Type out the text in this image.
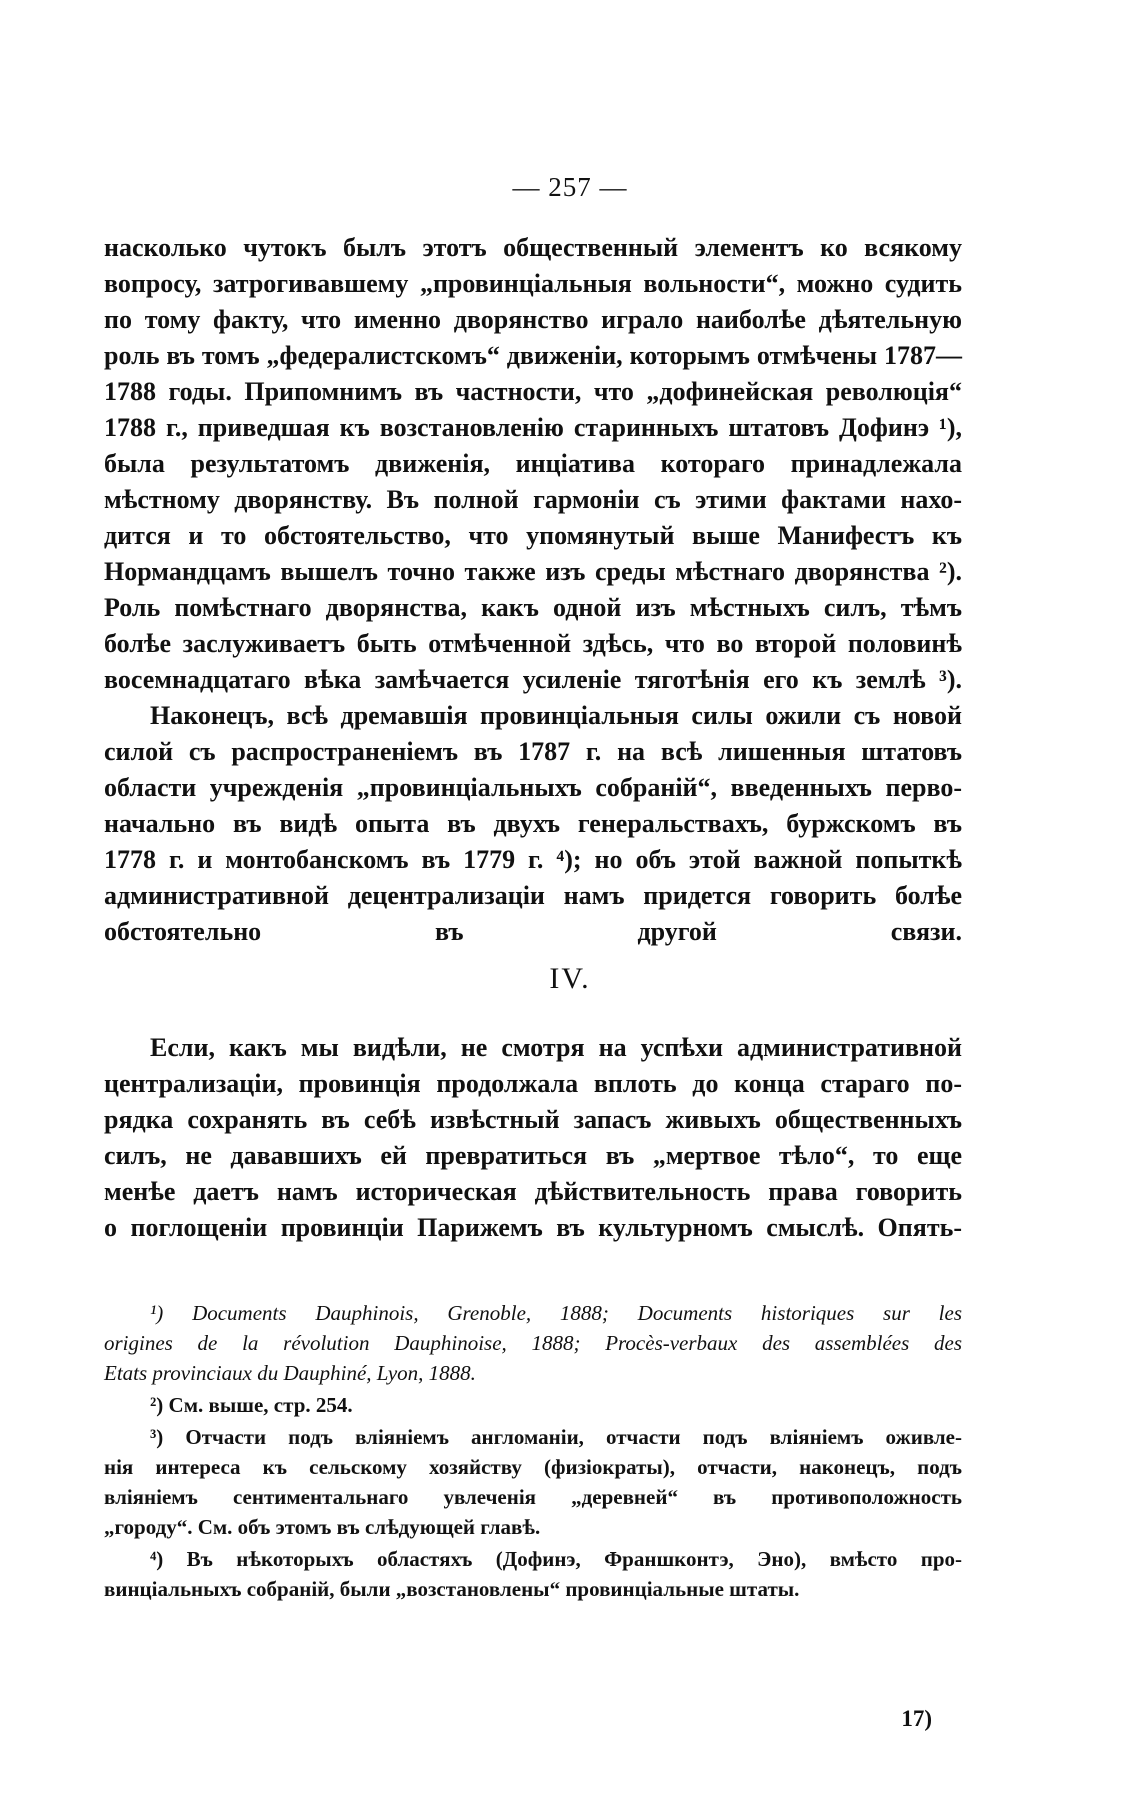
— 257 —
насколько чутокъ былъ этотъ общественный элементъ ко всякому
вопросу, затрогивавшему „провинціальныя вольности“, можно судить
по тому факту, что именно дворянство играло наиболѣе дѣятельную
роль въ томъ „федералистскомъ“ движеніи, которымъ отмѣчены 1787—
1788 годы. Припомнимъ въ частности, что „дофинейская революція“
1788 г., приведшая къ возстановленію старинныхъ штатовъ Дофинэ ¹),
была результатомъ движенія, инціатива котораго принадлежала
мѣстному дворянству. Въ полной гармоніи съ этими фактами нахо-
дится и то обстоятельство, что упомянутый выше Манифестъ къ
Нормандцамъ вышелъ точно также изъ среды мѣстнаго дворянства ²).
Роль помѣстнаго дворянства, какъ одной изъ мѣстныхъ силъ, тѣмъ
болѣе заслуживаетъ быть отмѣченной здѣсь, что во второй половинѣ
восемнадцатаго вѣка замѣчается усиленіе тяготѣнія его къ землѣ ³).
Наконецъ, всѣ дремавшія провинціальныя силы ожили съ новой
силой съ распространеніемъ въ 1787 г. на всѣ лишенныя штатовъ
области учрежденія „провинціальныхъ собраній“, введенныхъ перво-
начально въ видѣ опыта въ двухъ генеральствахъ, буржскомъ въ
1778 г. и монтобанскомъ въ 1779 г. ⁴); но объ этой важной попыткѣ
административной децентрализаціи намъ придется говорить болѣе
обстоятельно въ другой связи.
IV.
Если, какъ мы видѣли, не смотря на успѣхи административной
централизаціи, провинція продолжала вплоть до конца стараго по-
рядка сохранять въ себѣ извѣстный запасъ живыхъ общественныхъ
силъ, не дававшихъ ей превратиться въ „мертвое тѣло“, то еще
менѣе даетъ намъ историческая дѣйствительность права говорить
о поглощеніи провинціи Парижемъ въ культурномъ смыслѣ. Опять-
¹) Documents Dauphinois, Grenoble, 1888; Documents historiques sur les
origines de la révolution Dauphinoise, 1888; Procès-verbaux des assemblées des
Etats provinciaux du Dauphiné, Lyon, 1888.
²) См. выше, стр. 254.
³) Отчасти подъ вліяніемъ англоманіи, отчасти подъ вліяніемъ оживле-
нія интереса къ сельскому хозяйству (физіократы), отчасти, наконецъ, подъ
вліяніемъ сентиментальнаго увлеченія „деревней“ въ противоположность
„городу“. См. объ этомъ въ слѣдующей главѣ.
⁴) Въ нѣкоторыхъ областяхъ (Дофинэ, Франшконтэ, Эно), вмѣсто про-
винціальныхъ собраній, были „возстановлены“ провинціальные штаты.
17)
